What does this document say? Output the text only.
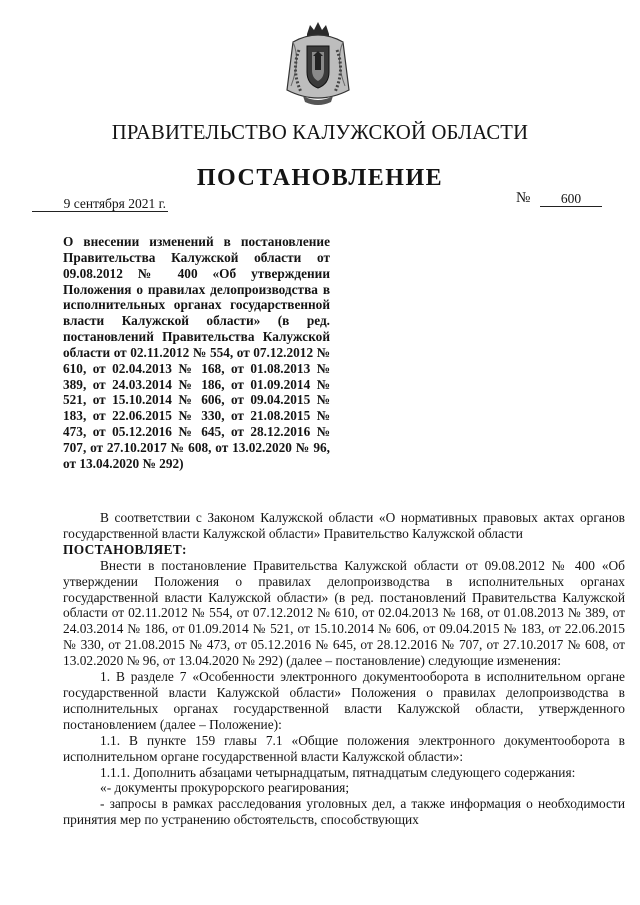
ПРАВИТЕЛЬСТВО КАЛУЖСКОЙ ОБЛАСТИ
ПОСТАНОВЛЕНИЕ
9 сентября 2021 г.	№	600
О внесении изменений в постановление Правительства Калужской области от 09.08.2012 № 400 «Об утверждении Положения о правилах делопроизводства в исполнительных органах государственной власти Калужской области» (в ред. постановлений Правительства Калужской области от 02.11.2012 № 554, от 07.12.2012 № 610, от 02.04.2013 № 168, от 01.08.2013 № 389, от 24.03.2014 № 186, от 01.09.2014 № 521, от 15.10.2014 № 606, от 09.04.2015 № 183, от 22.06.2015 № 330, от 21.08.2015 № 473, от 05.12.2016 № 645, от 28.12.2016 № 707, от 27.10.2017 № 608, от 13.02.2020 № 96, от 13.04.2020 № 292)

В соответствии с Законом Калужской области «О нормативных правовых актах органов государственной власти Калужской области» Правительство Калужской области

ПОСТАНОВЛЯЕТ:

Внести в постановление Правительства Калужской области от 09.08.2012 № 400 «Об утверждении Положения о правилах делопроизводства в исполнительных органах государственной власти Калужской области» (в ред. постановлений Правительства Калужской области от 02.11.2012 № 554, от 07.12.2012 № 610, от 02.04.2013 № 168, от 01.08.2013 № 389, от 24.03.2014 № 186, от 01.09.2014 № 521, от 15.10.2014 № 606, от 09.04.2015 № 183, от 22.06.2015 № 330, от 21.08.2015 № 473, от 05.12.2016 № 645, от 28.12.2016 № 707, от 27.10.2017 № 608, от 13.02.2020 № 96, от 13.04.2020 № 292) (далее – постановление) следующие изменения:

1. В разделе 7 «Особенности электронного документооборота в исполнительном органе государственной власти Калужской области» Положения о правилах делопроизводства в исполнительных органах государственной власти Калужской области, утвержденного постановлением (далее – Положение):

1.1. В пункте 159 главы 7.1 «Общие положения электронного документооборота в исполнительном органе государственной власти Калужской области»:

1.1.1. Дополнить абзацами четырнадцатым, пятнадцатым следующего содержания:

«- документы прокурорского реагирования;

- запросы в рамках расследования уголовных дел, а также информация о необходимости принятия мер по устранению обстоятельств, способствующих
